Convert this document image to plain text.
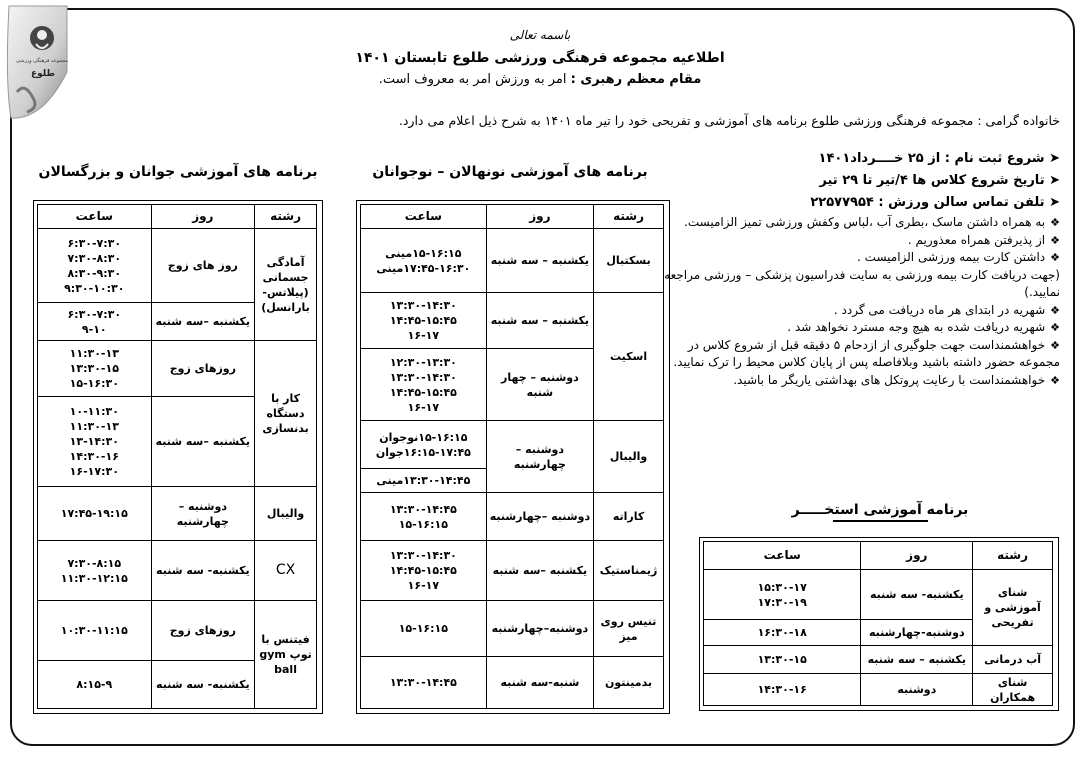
مجموعه فرهنگی ورزشی
طلوع
باسمه تعالی
اطلاعیه مجموعه فرهنگی ورزشی طلوع تابستان ۱۴۰۱
مقام معظم رهبری : امر به ورزش امر به معروف است.
خانواده گرامی : مجموعه فرهنگی ورزشی طلوع برنامه های آموزشی و تفریحی خود را تیر ماه ۱۴۰۱ به شرح ذیل اعلام می دارد.
➤ شروع ثبت نام : از ۲۵ خــــرداد۱۴۰۱
➤ تاریخ شروع کلاس ها ۴/تیر تا ۲۹ تیر
➤ تلفن تماس سالن ورزش : ۲۲۵۷۷۹۵۴
❖به همراه داشتن ماسک ،بطری آب ،لباس وکفش ورزشی تمیز الزامیست.
❖از پذیرفتن همراه معذوریم .
❖داشتن کارت بیمه ورزشی الزامیست .
(جهت دریافت کارت بیمه ورزشی به سایت فدراسیون پزشکی – ورزشی مراجعه نمایید.)
❖شهریه در ابتدای هر ماه دریافت می گردد .
❖شهریه دریافت شده به هیچ وجه مسترد نخواهد شد .
❖خواهشمنداست جهت جلوگیری از ازدحام ۵ دقیقه قبل از شروع کلاس در مجموعه حضور داشته باشید وبلافاصله پس از پایان کلاس محیط را ترک نمایید.
❖خواهشمنداست با رعایت پروتکل های بهداشتی یاریگر ما باشید.
برنامه آموزشی استخـــــر
برنامه های آموزشی جوانان و بزرگسالان	برنامه های آموزشی نونهالان – نوجوانان
رشته	روز	ساعت
آمادگی جسمانی (پیلاتس-بارانسل)	روز های زوج	۶:۳۰-۷:۳۰
۷:۳۰-۸:۳۰
۸:۳۰-۹:۳۰
۹:۳۰-۱۰:۳۰

	یکشنبه –سه شنبه	۶:۳۰-۷:۳۰
۹-۱۰

کار با دستگاه بدنسازی	روزهای زوج	۱۱:۳۰-۱۳
۱۳:۳۰-۱۵
۱۵-۱۶:۳۰

	یکشنبه –سه شنبه	۱۰-۱۱:۳۰
۱۱:۳۰-۱۳
۱۳-۱۴:۳۰
۱۴:۳۰-۱۶
۱۶-۱۷:۳۰

والیبال	دوشنبه – چهارشنبه	۱۷:۴۵-۱۹:۱۵
CX	یکشنبه- سه شنبه	۷:۳۰-۸:۱۵
۱۱:۳۰-۱۲:۱۵

فیتنس با توپ gym ball	روزهای زوج	۱۰:۳۰-۱۱:۱۵
	یکشنبه- سه شنبه	۸:۱۵-۹
رشته	روز	ساعت
بسکتبال	یکشنبه – سه شنبه	۱۵-۱۶:۱۵مینی
۱۷:۴۵-۱۶:۳۰مینی

اسکیت	یکشنبه – سه شنبه	۱۳:۳۰-۱۴:۳۰
۱۴:۴۵-۱۵:۴۵
۱۶-۱۷

	دوشنبه – چهار شنبه	۱۲:۳۰-۱۳:۳۰
۱۳:۳۰-۱۴:۳۰
۱۴:۴۵-۱۵:۴۵
۱۶-۱۷

والیبال	دوشنبه – چهارشنبه	۱۵-۱۶:۱۵نوجوان
۱۶:۱۵-۱۷:۴۵جوان

		۱۳:۳۰-۱۴:۴۵مینی
کاراته	دوشنبه –چهارشنبه	۱۳:۳۰-۱۴:۴۵
۱۵-۱۶:۱۵

ژیمناستیک	یکشنبه –سه شنبه	۱۳:۳۰-۱۴:۳۰
۱۴:۴۵-۱۵:۴۵
۱۶-۱۷

تنیس روی میز	دوشنبه–چهارشنبه	۱۵-۱۶:۱۵
بدمینتون	شنبه-سه شنبه	۱۳:۳۰-۱۴:۴۵
رشته	روز	ساعت
شنای آموزشی و تفریحی	یکشنبه- سه شنبه	۱۵:۳۰-۱۷
۱۷:۳۰-۱۹

	دوشنبه-چهارشنبه	۱۶:۳۰-۱۸
آب درمانی	یکشنبه – سه شنبه	۱۳:۳۰-۱۵
شنای همکاران	دوشنبه	۱۴:۳۰-۱۶
